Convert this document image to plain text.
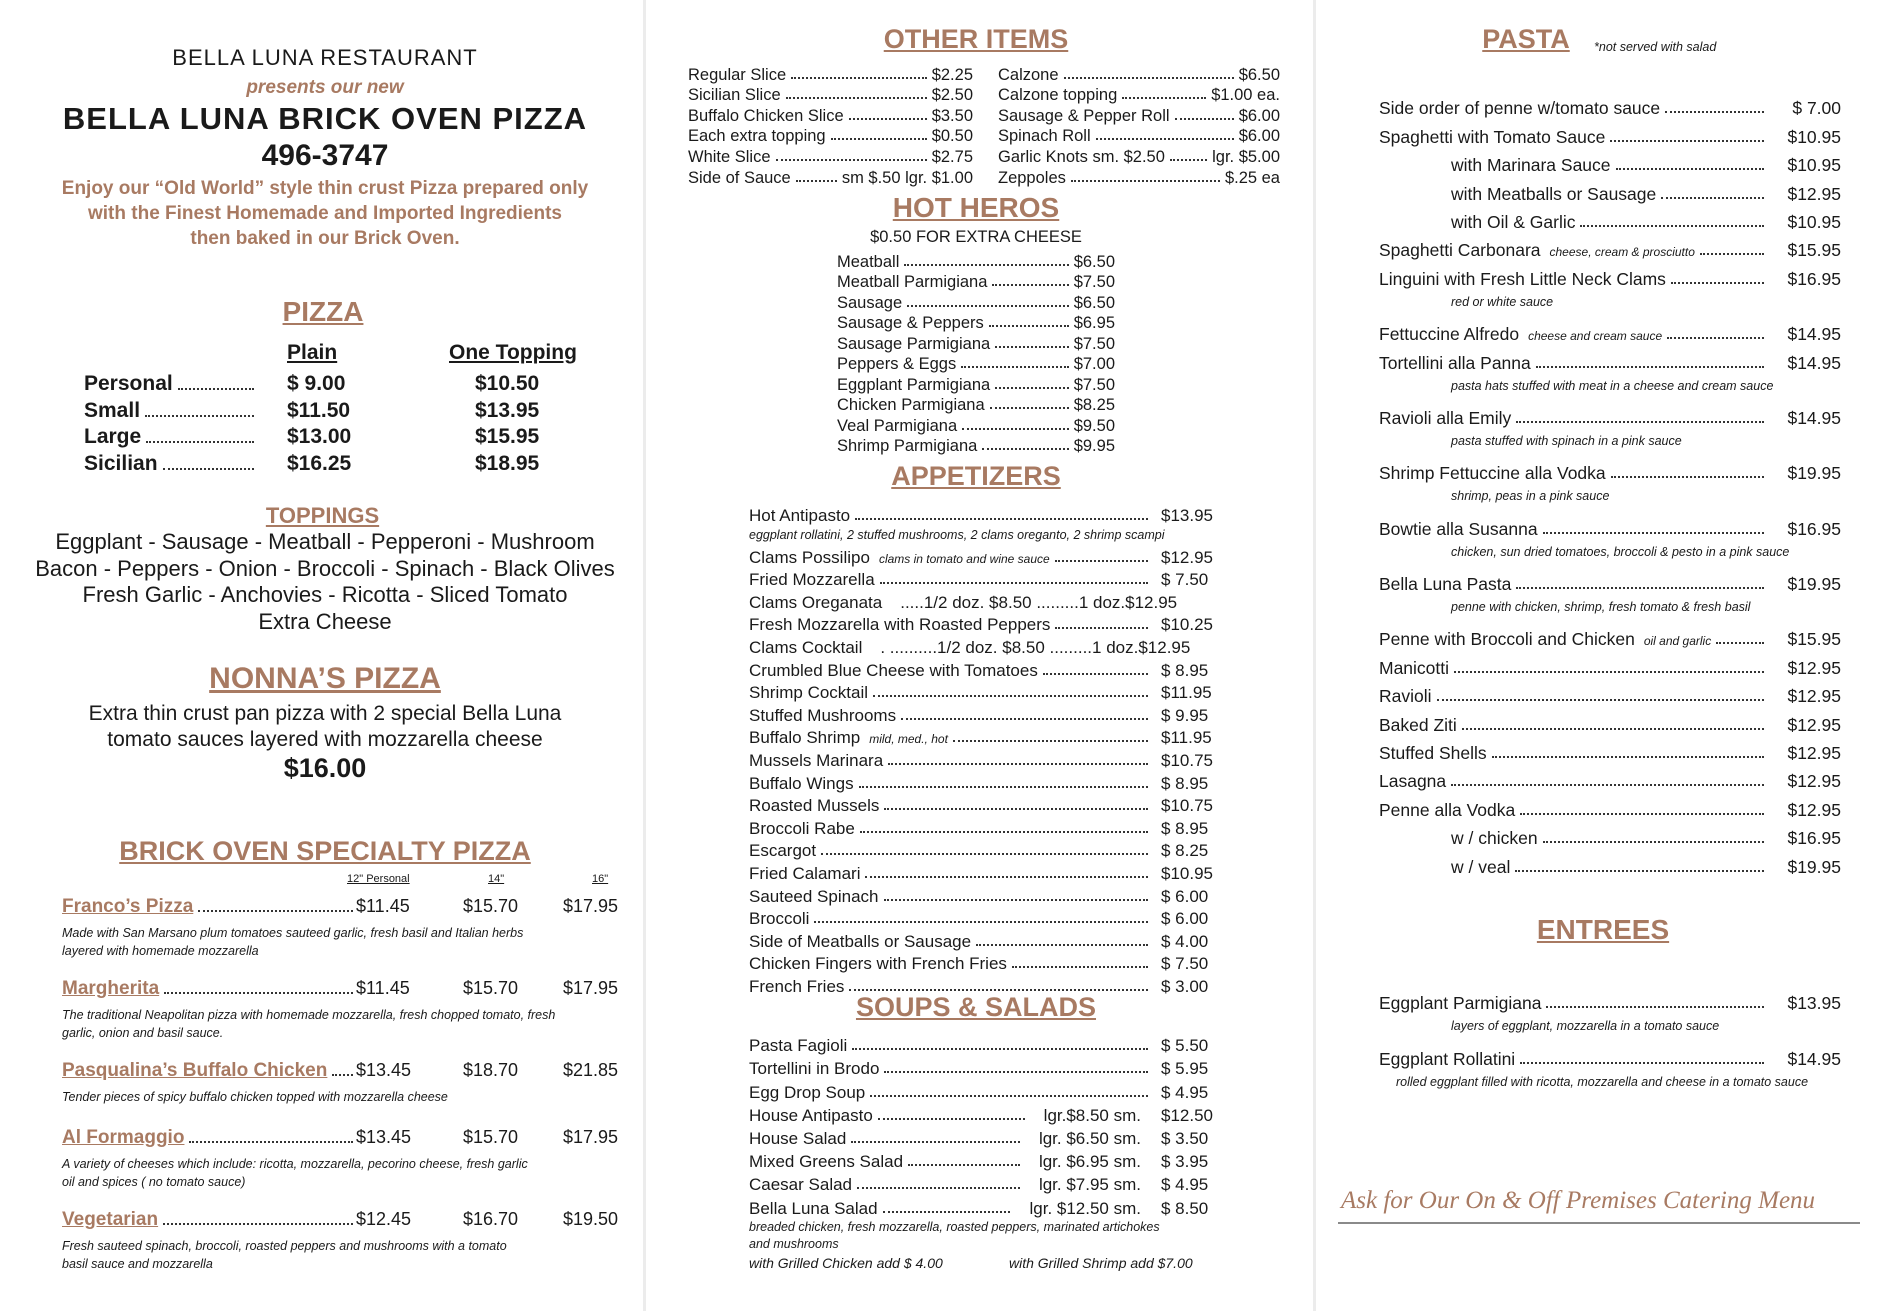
BELLA LUNA RESTAURANT
presents our new
BELLA LUNA BRICK OVEN PIZZA
496-3747
Enjoy our “Old World” style thin crust Pizza prepared only
with the Finest Homemade and Imported Ingredients
then baked in our Brick Oven.
PIZZA
Plain	One Topping
Personal	$ 9.00	$10.50
Small	$11.50	$13.95
Large	$13.00	$15.95
Sicilian	$16.25	$18.95
TOPPINGS
Eggplant - Sausage - Meatball - Pepperoni - Mushroom
Bacon - Peppers - Onion - Broccoli - Spinach - Black Olives
Fresh Garlic - Anchovies - Ricotta - Sliced Tomato
Extra Cheese
NONNA’S PIZZA
Extra thin crust pan pizza with 2 special Bella Luna
tomato sauces layered with mozzarella cheese
$16.00
BRICK OVEN SPECIALTY PIZZA
12" Personal	14"	16"
Franco’s Pizza	$11.45	$15.70 $17.95
Made with San Marsano plum tomatoes sauteed garlic, fresh basil and Italian herbs
layered with homemade mozzarella
Margherita	$11.45	$15.70 $17.95
The traditional Neapolitan pizza with homemade mozzarella, fresh chopped tomato, fresh
garlic, onion and basil sauce.
Pasqualina’s Buffalo Chicken $13.45	$18.70 $21.85
Tender pieces of spicy buffalo chicken topped with mozzarella cheese
Al Formaggio	$13.45	$15.70 $17.95
A variety of cheeses which include: ricotta, mozzarella, pecorino cheese, fresh garlic
oil and spices ( no tomato sauce)
Vegetarian	$12.45	$16.70 $19.50
Fresh sauteed spinach, broccoli, roasted peppers and mushrooms with a tomato
basil sauce and mozzarella
OTHER ITEMS
Regular Slice	$2.25
Sicilian Slice	$2.50
Buffalo Chicken Slice	$3.50
Each extra topping	$0.50
White Slice	$2.75
Side of Sauce	sm $.50 lgr. $1.00
Calzone	$6.50
Calzone topping	$1.00 ea.
Sausage & Pepper Roll	$6.00
Spinach Roll	$6.00
Garlic Knots sm. $2.50	lgr. $5.00
Zeppoles	$.25 ea
HOT HEROS
$0.50 FOR EXTRA CHEESE
Meatball	$6.50
Meatball Parmigiana	$7.50
Sausage	$6.50
Sausage & Peppers	$6.95
Sausage Parmigiana	$7.50
Peppers & Eggs	$7.00
Eggplant Parmigiana	$7.50
Chicken Parmigiana	$8.25
Veal Parmigiana	$9.50
Shrimp Parmigiana	$9.95
APPETIZERS
Hot Antipasto	$13.95
eggplant rollatini, 2 stuffed mushrooms, 2 clams oreganto, 2 shrimp scampi
Clams Possilipo clams in tomato and wine sauce	$12.95
Fried Mozzarella	$ 7.50
Clams Oreganata .....1/2 doz. $8.50 .........1 doz.$12.95
Fresh Mozzarella with Roasted Peppers	$10.25
Clams Cocktail . ..........1/2 doz. $8.50 .........1 doz.$12.95
Crumbled Blue Cheese with Tomatoes	$ 8.95
Shrimp Cocktail	$11.95
Stuffed Mushrooms	$ 9.95
Buffalo Shrimp mild, med., hot	$11.95
Mussels Marinara	$10.75
Buffalo Wings	$ 8.95
Roasted Mussels	$10.75
Broccoli Rabe	$ 8.95
Escargot	$ 8.25
Fried Calamari	$10.95
Sauteed Spinach	$ 6.00
Broccoli	$ 6.00
Side of Meatballs or Sausage	$ 4.00
Chicken Fingers with French Fries	$ 7.50
French Fries	$ 3.00
SOUPS & SALADS
Pasta Fagioli	$ 5.50
Tortellini in Brodo	$ 5.95
Egg Drop Soup	$ 4.95
House Antipasto	lgr.$8.50 sm. $12.50
House Salad	lgr. $6.50 sm. $ 3.50
Mixed Greens Salad	lgr. $6.95 sm. $ 3.95
Caesar Salad	lgr. $7.95 sm. $ 4.95
Bella Luna Salad	lgr. $12.50 sm. $ 8.50
breaded chicken, fresh mozzarella, roasted peppers, marinated artichokes
and mushrooms
with Grilled Chicken add $ 4.00	with Grilled Shrimp add $7.00
PASTA	*not served with salad
Side order of penne w/tomato sauce	$ 7.00
Spaghetti with Tomato Sauce	$10.95
with Marinara Sauce	$10.95
with Meatballs or Sausage	$12.95
with Oil & Garlic	$10.95
Spaghetti Carbonara cheese, cream & prosciutto	$15.95
Linguini with Fresh Little Neck Clams	$16.95
red or white sauce
Fettuccine Alfredo cheese and cream sauce	$14.95
Tortellini alla Panna	$14.95
pasta hats stuffed with meat in a cheese and cream sauce
Ravioli alla Emily	$14.95
pasta stuffed with spinach in a pink sauce
Shrimp Fettuccine alla Vodka	$19.95
shrimp, peas in a pink sauce
Bowtie alla Susanna	$16.95
chicken, sun dried tomatoes, broccoli & pesto in a pink sauce
Bella Luna Pasta	$19.95
penne with chicken, shrimp, fresh tomato & fresh basil
Penne with Broccoli and Chicken oil and garlic	$15.95
Manicotti	$12.95
Ravioli	$12.95
Baked Ziti	$12.95
Stuffed Shells	$12.95
Lasagna	$12.95
Penne alla Vodka	$12.95
w / chicken	$16.95
w / veal	$19.95
ENTREES
Eggplant Parmigiana	$13.95
layers of eggplant, mozzarella in a tomato sauce
Eggplant Rollatini	$14.95
rolled eggplant filled with ricotta, mozzarella and cheese in a tomato sauce
Ask for Our On & Off Premises Catering Menu
